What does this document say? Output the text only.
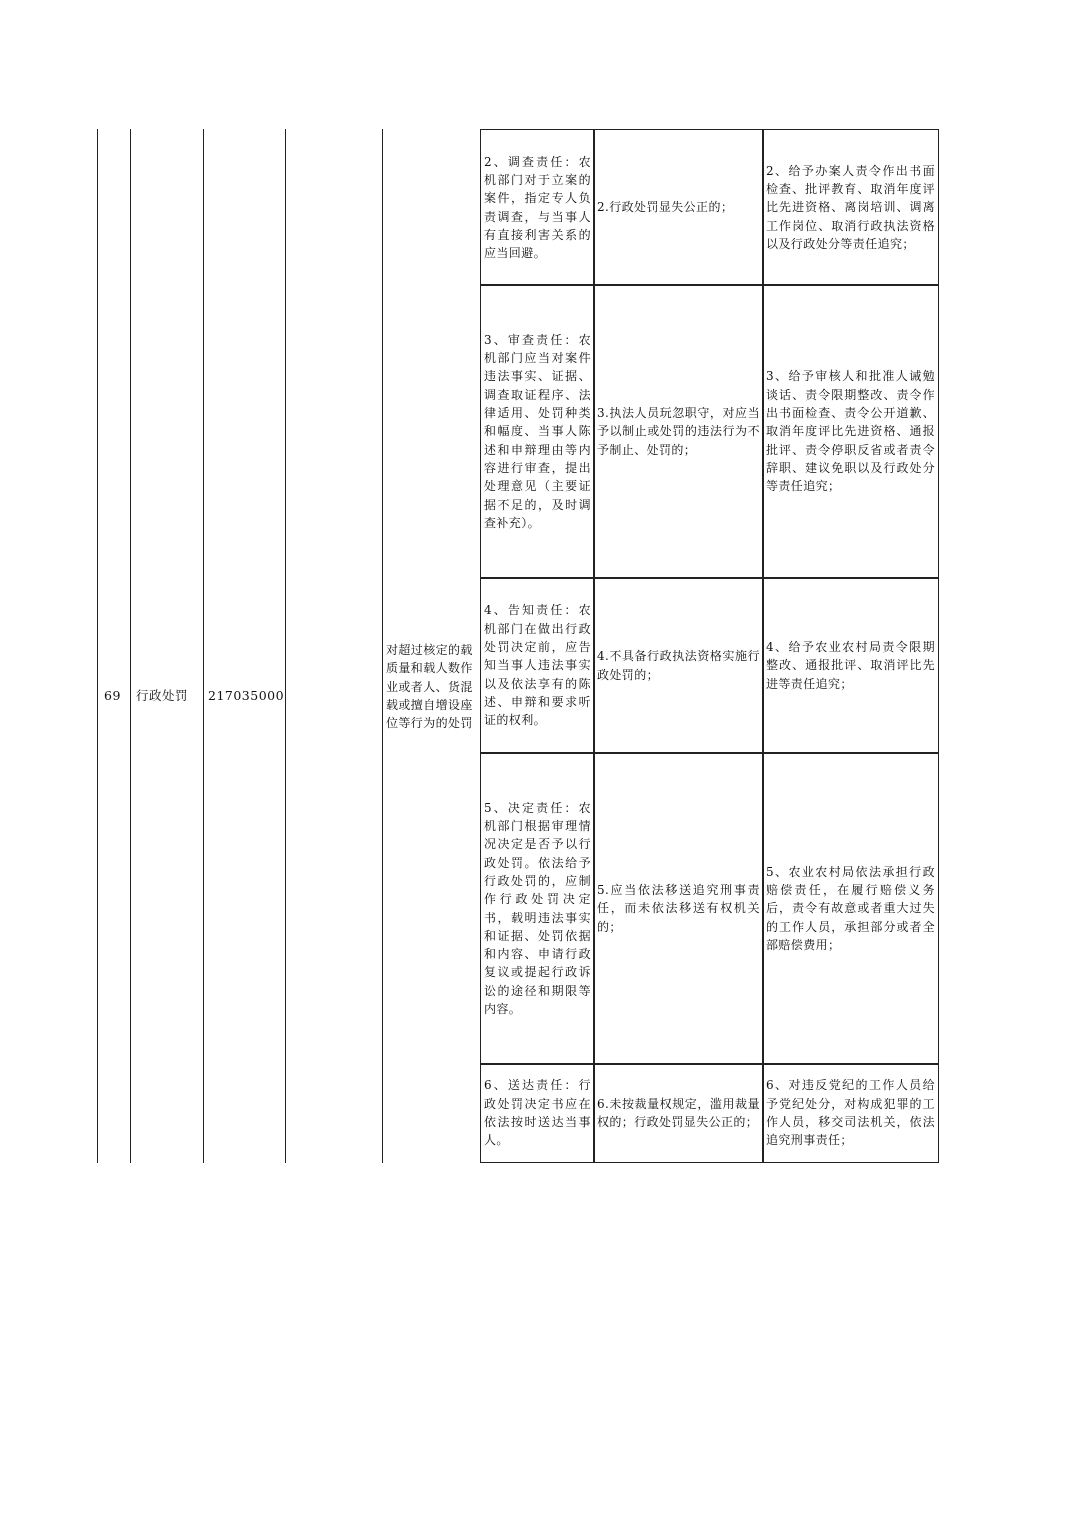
69 行政处罚 217035000
对超过核定的载质量和载人数作业或者人、货混载或擅自增设座位等行为的处罚
2、调查责任：农机部门对于立案的案件，指定专人负责调查，与当事人有直接利害关系的应当回避。
2.行政处罚显失公正的；
2、给予办案人责令作出书面检查、批评教育、取消年度评比先进资格、离岗培训、调离工作岗位、取消行政执法资格以及行政处分等责任追究；
3、审查责任：农机部门应当对案件违法事实、证据、调查取证程序、法律适用、处罚种类和幅度、当事人陈述和申辩理由等内容进行审查，提出处理意见（主要证据不足的，及时调查补充）。
3.执法人员玩忽职守，对应当予以制止或处罚的违法行为不予制止、处罚的；
3、给予审核人和批准人诫勉谈话、责令限期整改、责令作出书面检查、责令公开道歉、取消年度评比先进资格、通报批评、责令停职反省或者责令辞职、建议免职以及行政处分等责任追究；
4、告知责任：农机部门在做出行政处罚决定前，应告知当事人违法事实以及依法享有的陈述、申辩和要求听证的权利。
4.不具备行政执法资格实施行政处罚的；
4、给予农业农村局责令限期整改、通报批评、取消评比先进等责任追究；
5、决定责任：农机部门根据审理情况决定是否予以行政处罚。依法给予行政处罚的，应制作行政处罚决定书，载明违法事实和证据、处罚依据和内容、申请行政复议或提起行政诉讼的途径和期限等内容。
5.应当依法移送追究刑事责任，而未依法移送有权机关的；
5、农业农村局依法承担行政赔偿责任，在履行赔偿义务后，责令有故意或者重大过失的工作人员，承担部分或者全部赔偿费用；
6、送达责任：行政处罚决定书应在依法按时送达当事人。
6.未按裁量权规定，滥用裁量权的；行政处罚显失公正的；
6、对违反党纪的工作人员给予党纪处分，对构成犯罪的工作人员，移交司法机关，依法追究刑事责任；
